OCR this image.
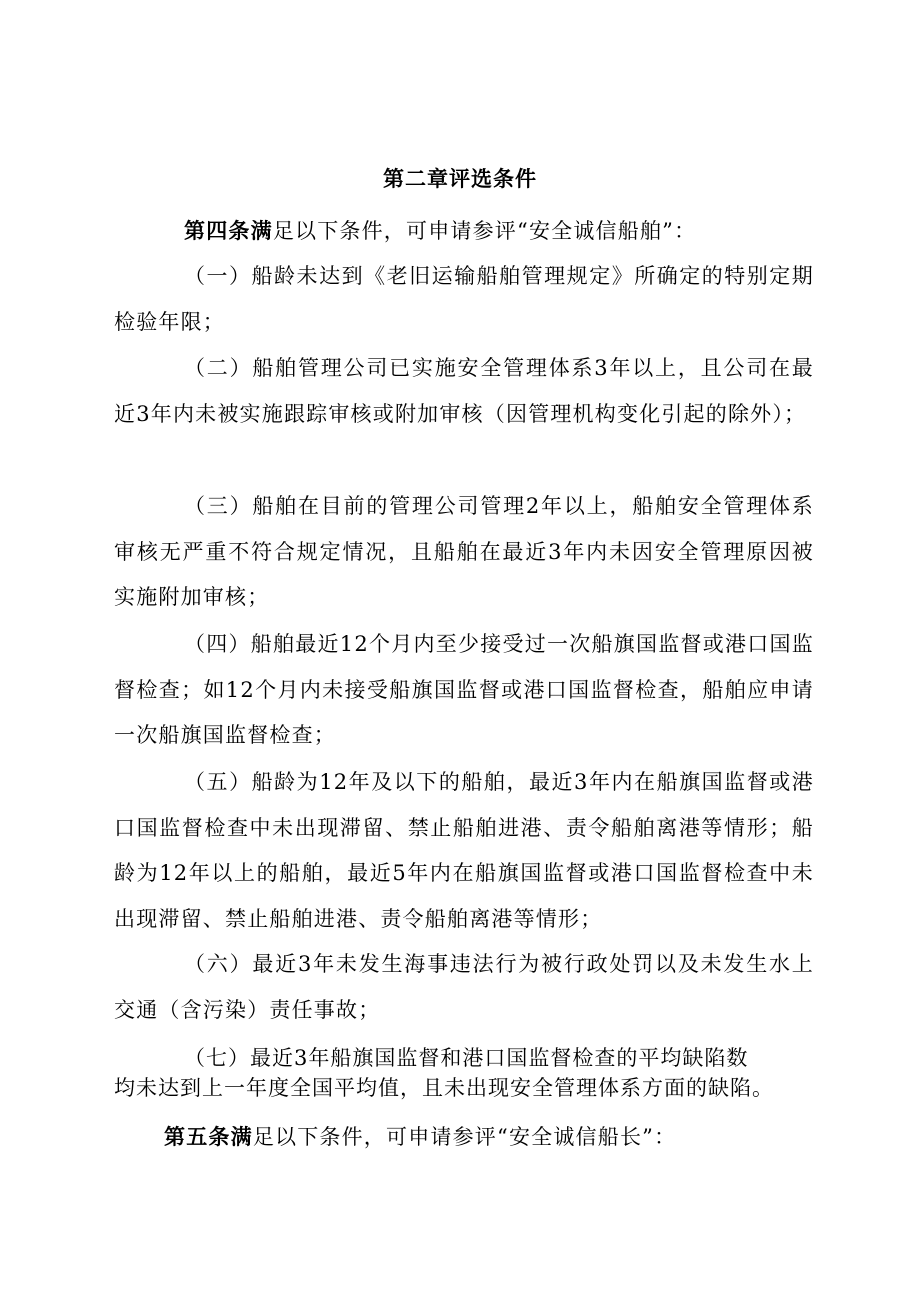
第二章评选条件
第四条满足以下条件，可申请参评“安全诚信船舶”：
（一）船龄未达到《老旧运输船舶管理规定》所确定的特别定期检验年限；
（二）船舶管理公司已实施安全管理体系3年以上，且公司在最近3年内未被实施跟踪审核或附加审核（因管理机构变化引起的除外）；
（三）船舶在目前的管理公司管理2年以上，船舶安全管理体系审核无严重不符合规定情况，且船舶在最近3年内未因安全管理原因被实施附加审核；
（四）船舶最近12个月内至少接受过一次船旗国监督或港口国监督检查；如12个月内未接受船旗国监督或港口国监督检查，船舶应申请一次船旗国监督检查；
（五）船龄为12年及以下的船舶，最近3年内在船旗国监督或港口国监督检查中未出现滞留、禁止船舶进港、责令船舶离港等情形；船龄为12年以上的船舶，最近5年内在船旗国监督或港口国监督检查中未出现滞留、禁止船舶进港、责令船舶离港等情形；
（六）最近3年未发生海事违法行为被行政处罚以及未发生水上交通（含污染）责任事故；
（七）最近3年船旗国监督和港口国监督检查的平均缺陷数
均未达到上一年度全国平均值，且未出现安全管理体系方面的缺陷。
第五条满足以下条件，可申请参评“安全诚信船长”：
